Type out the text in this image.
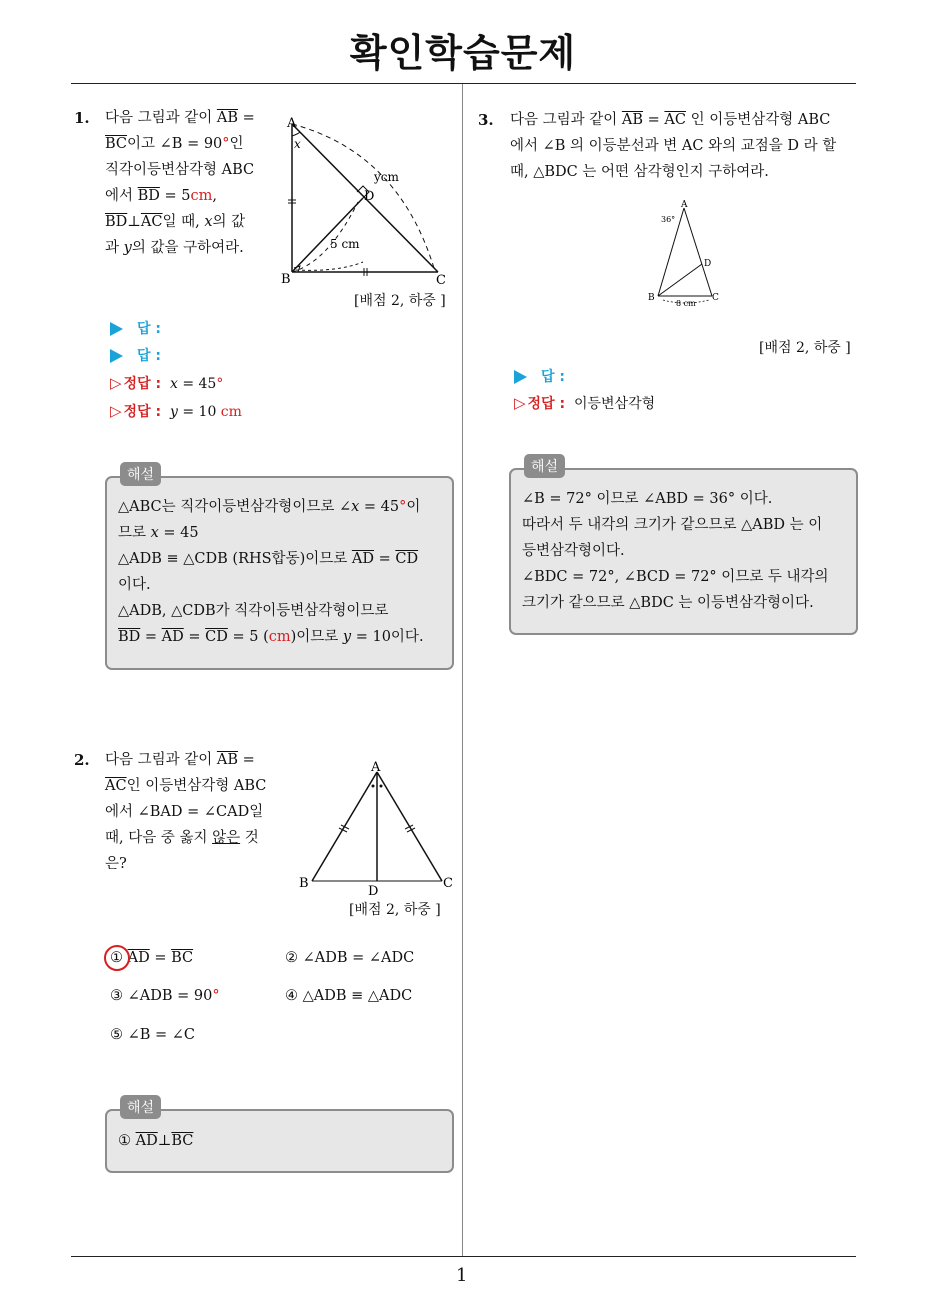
확인학습문제
1
1. 다음 그림과 같이 $\overline{AB}$ =
$\overline{BC}$이고 ∠B = 90°인
직각이등변삼각형 ABC
에서 $\overline{BD} = 5cm$,
$\overline{BD}\perp\overline{AC}$일 때, x의 값
과 y의 값을 구하여라.
A
B	C
D
x
ycm
5 cm
[배점 2, 하중 ]
답 :
답 :
▷ 정답 : x = 45°
▷ 정답 : y = 10 cm
해설
△ABC는 직각이등변삼각형이므로 ∠x = 45°이
므로 x = 45
△ADB ≡ △CDB (RHS합동)이므로 $\overline{AD} = \overline{CD}$
이다.
△ADB, △CDB가 직각이등변삼각형이므로
$\overline{BD} = \overline{AD} = \overline{CD} = 5$ (cm)이므로 y = 10이다.
2. 다음 그림과 같이 $\overline{AB}$ =
$\overline{AC}$인 이등변삼각형 ABC
에서 ∠BAD = ∠CAD일
때, 다음 중 옳지 않은 것
은?
A
B	C
D
[배점 2, 하중 ]
① $\overline{AD} = \overline{BC}$	② ∠ADB = ∠ADC
③ ∠ADB = 90°	④ △ADB ≡ △ADC
⑤ ∠B = ∠C
해설
① $\overline{AD}\perp\overline{BC}$
3. 다음 그림과 같이 $\overline{AB} = \overline{AC}$ 인 이등변삼각형 ABC
에서 ∠B 의 이등분선과 변 AC 와의 교점을 D 라 할
때, △BDC 는 어떤 삼각형인지 구하여라.
A
36°
D
B	C
8 cm
[배점 2, 하중 ]
답 :
▷ 정답 : 이등변삼각형
해설
∠B = 72° 이므로 ∠ABD = 36° 이다.
따라서 두 내각의 크기가 같으므로 △ABD 는 이
등변삼각형이다.
∠BDC = 72°, ∠BCD = 72° 이므로 두 내각의
크기가 같으므로 △BDC 는 이등변삼각형이다.
